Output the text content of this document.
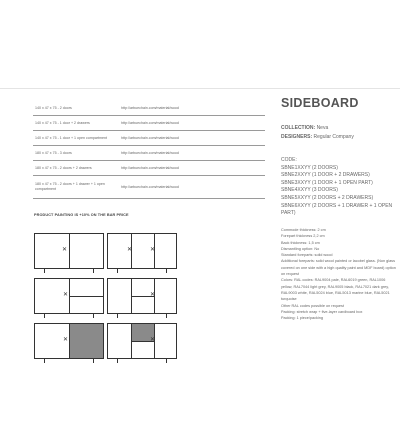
140 x 47 x 75 - 2 doors	http://arbuechain.com/material/wood
140 x 47 x 75 - 1 door + 2 drawers	http://arbuechain.com/material/wood
140 x 47 x 75 - 1 door + 1 open compartment	http://arbuechain.com/material/wood
180 x 47 x 75 - 3 doors	http://arbuechain.com/material/wood
180 x 47 x 75 - 2 doors + 2 drawers	http://arbuechain.com/material/wood
180 x 47 x 75 - 2 doors + 1 drawer + 1 open compartment	http://arbuechain.com/material/wood
PRODUCT PAINTING IS +10% ON THE BAR PRICE
✕	✕	✕
✕	✕
✕	✕
SIDEBOARD
COLLECTION: Neva
DESIGNERS: Regular Company
CODE:
SBNE1XXYY (2 DOORS)
SBNE2XXYY (1 DOOR + 2 DRAWERS)
SBNE3XXYY (1 DOOR + 1 OPEN PART)
SBNE4XXYY (3 DOORS)
SBNE5XXYY (2 DOORS + 2 DRAWERS)
SBNE6XXYY (2 DOORS + 1 DRAWER + 1 OPEN PART)
Commode thickness: 2 cm
Forepart thickness 2,2 cm
Back thickness: 1,5 cm
Dismantling option: No
Standard foreparts: solid wood
Additional foreparts: solid wood painted or lacobel glass. (Non glass covered on one side with a high quality paint and MDF board) option on request
Colors: RAL codes: RAL9004 pale, RAL6019 green, RAL1006 yellow, RAL7044 light grey, RAL9005 black, RAL7021 dark grey, RAL9003 white, RAL5024 blue, RAL5013 marine blue, RAL5021 turquoise
Other RAL codes possible on request
Packing: stretch wrap + five-layer cardboard box
Packing: 1 piece/packing
